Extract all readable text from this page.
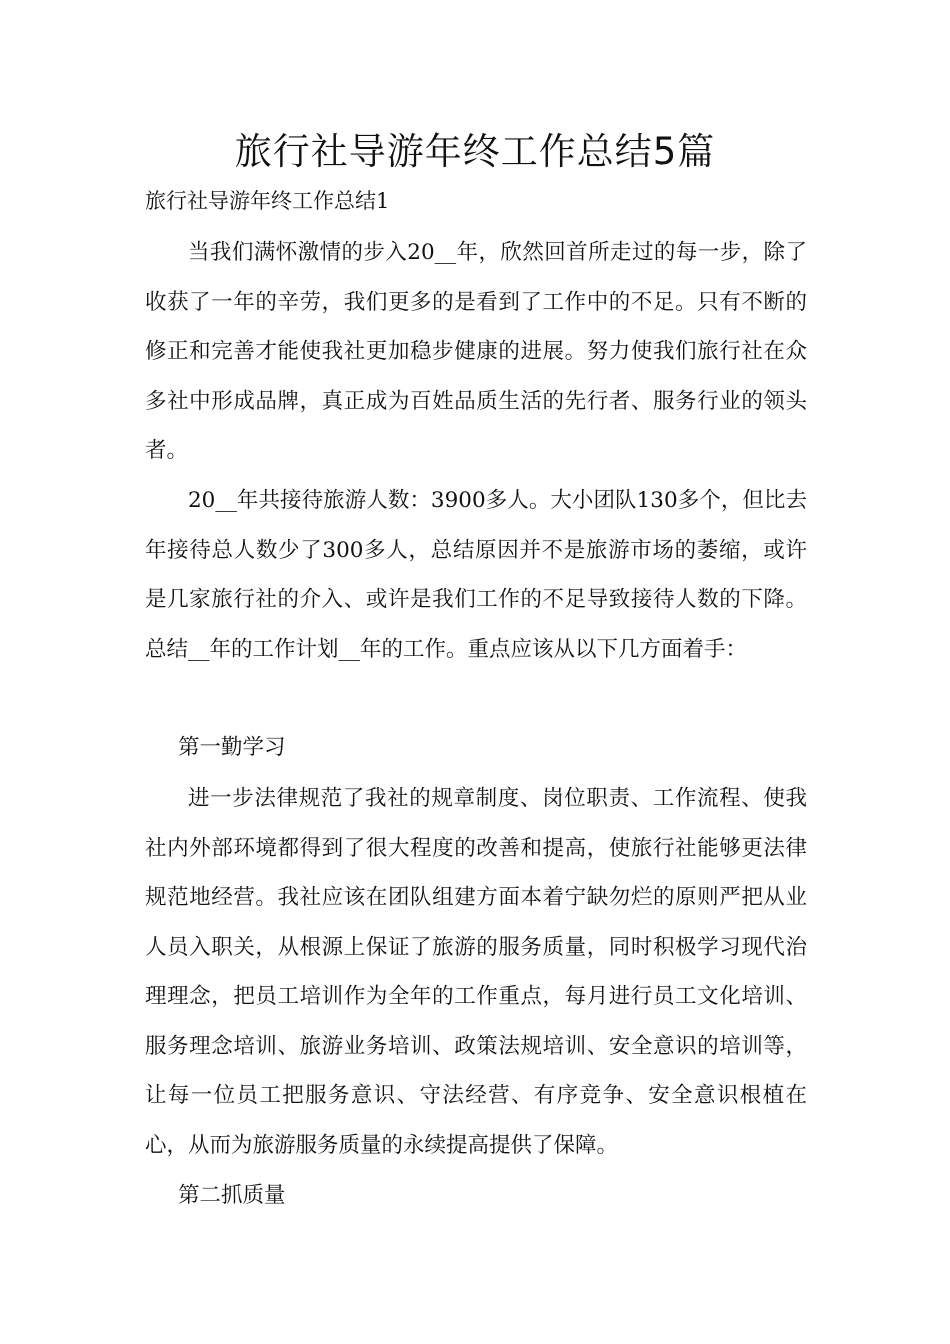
旅行社导游年终工作总结5篇
旅行社导游年终工作总结1

当我们满怀激情的步入20__年，欣然回首所走过的每一步，除了收获了一年的辛劳，我们更多的是看到了工作中的不足。只有不断的修正和完善才能使我社更加稳步健康的进展。努力使我们旅行社在众多社中形成品牌，真正成为百姓品质生活的先行者、服务行业的领头者。

20__年共接待旅游人数：3900多人。大小团队130多个，但比去年接待总人数少了300多人，总结原因并不是旅游市场的萎缩，或许是几家旅行社的介入、或许是我们工作的不足导致接待人数的下降。总结__年的工作计划__年的工作。重点应该从以下几方面着手：

第一勤学习

进一步法律规范了我社的规章制度、岗位职责、工作流程、使我社内外部环境都得到了很大程度的改善和提高，使旅行社能够更法律规范地经营。我社应该在团队组建方面本着宁缺勿烂的原则严把从业人员入职关，从根源上保证了旅游的服务质量，同时积极学习现代治理理念，把员工培训作为全年的工作重点，每月进行员工文化培训、服务理念培训、旅游业务培训、政策法规培训、安全意识的培训等，让每一位员工把服务意识、守法经营、有序竞争、安全意识根植在心，从而为旅游服务质量的永续提高提供了保障。

第二抓质量
